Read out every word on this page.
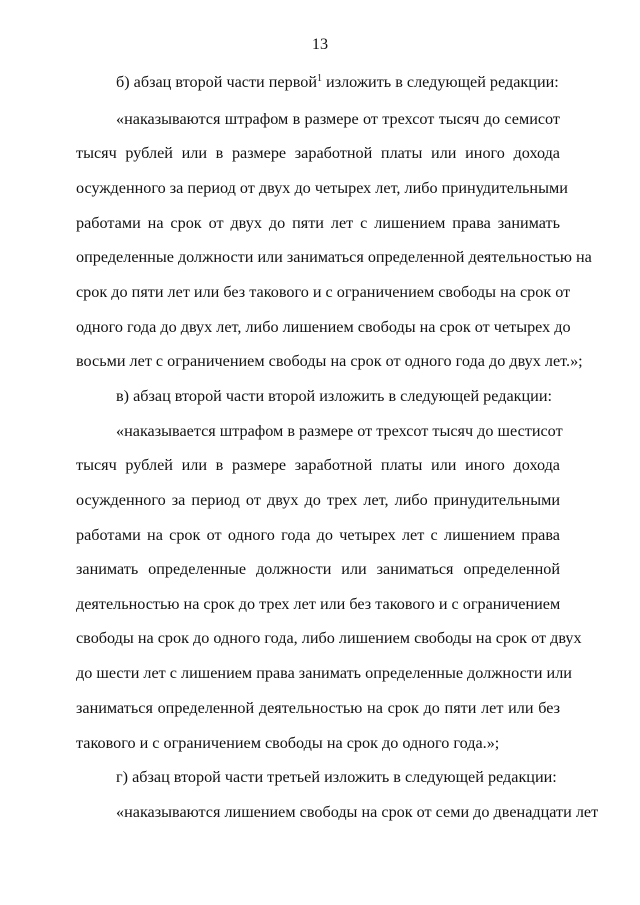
13
б) абзац второй части первой$^1$ изложить в следующей редакции:
«наказываются штрафом в размере от трехсот тысяч до семисот
тысяч рублей или в размере заработной платы или иного дохода
осужденного за период от двух до четырех лет, либо принудительными
работами на срок от двух до пяти лет с лишением права занимать
определенные должности или заниматься определенной деятельностью на
срок до пяти лет или без такового и с ограничением свободы на срок от
одного года до двух лет, либо лишением свободы на срок от четырех до
восьми лет с ограничением свободы на срок от одного года до двух лет.»;
в) абзац второй части второй изложить в следующей редакции:
«наказывается штрафом в размере от трехсот тысяч до шестисот
тысяч рублей или в размере заработной платы или иного дохода
осужденного за период от двух до трех лет, либо принудительными
работами на срок от одного года до четырех лет с лишением права
занимать определенные должности или заниматься определенной
деятельностью на срок до трех лет или без такового и с ограничением
свободы на срок до одного года, либо лишением свободы на срок от двух
до шести лет с лишением права занимать определенные должности или
заниматься определенной деятельностью на срок до пяти лет или без
такового и с ограничением свободы на срок до одного года.»;
г) абзац второй части третьей изложить в следующей редакции:
«наказываются лишением свободы на срок от семи до двенадцати лет
